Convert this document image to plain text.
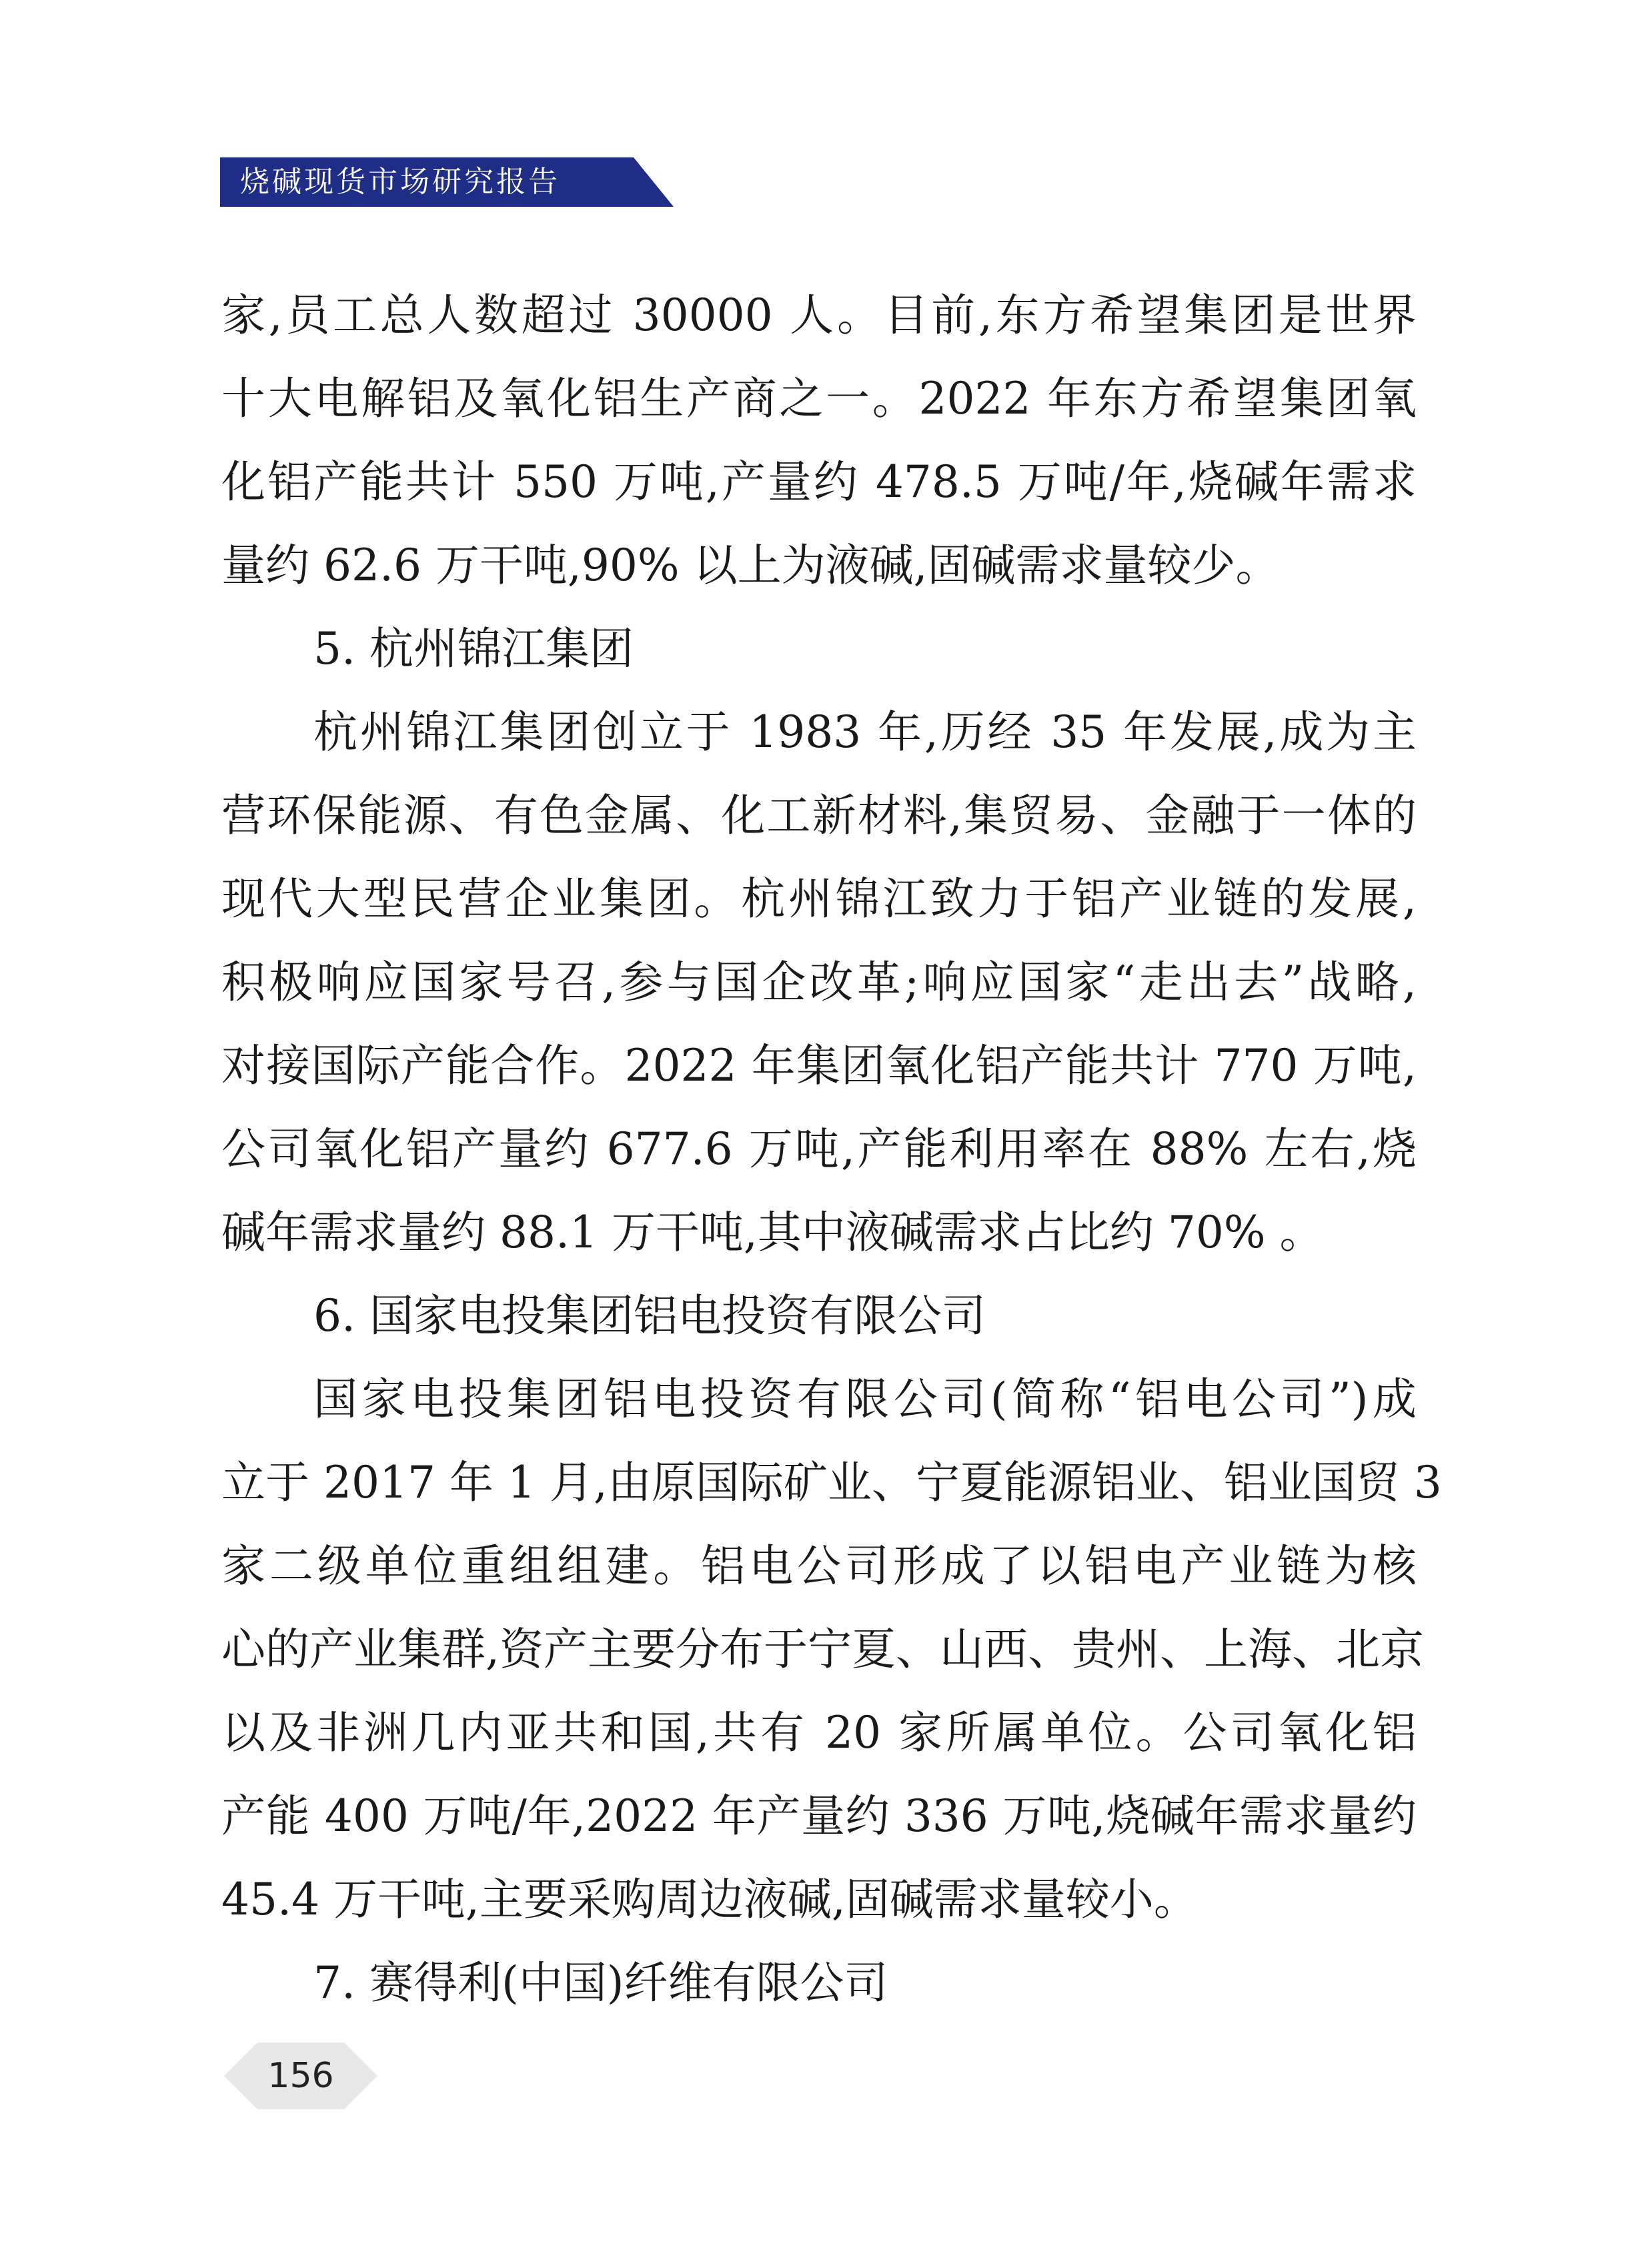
烧碱现货市场研究报告
家,员工总人数超过 30000 人。目前,东方希望集团是世界
十大电解铝及氧化铝生产商之一。2022 年东方希望集团氧
化铝产能共计 550 万吨,产量约 478.5 万吨/年,烧碱年需求
量约 62.6 万干吨,90% 以上为液碱,固碱需求量较少。
5. 杭州锦江集团
杭州锦江集团创立于 1983 年,历经 35 年发展,成为主
营环保能源、有色金属、化工新材料,集贸易、金融于一体的
现代大型民营企业集团。杭州锦江致力于铝产业链的发展,
积极响应国家号召,参与国企改革;响应国家“走出去”战略,
对接国际产能合作。2022 年集团氧化铝产能共计 770 万吨,
公司氧化铝产量约 677.6 万吨,产能利用率在 88% 左右,烧
碱年需求量约 88.1 万干吨,其中液碱需求占比约 70% 。
6. 国家电投集团铝电投资有限公司
国家电投集团铝电投资有限公司(简称“铝电公司”)成
立于 2017 年 1 月,由原国际矿业、宁夏能源铝业、铝业国贸 3
家二级单位重组组建。铝电公司形成了以铝电产业链为核
心的产业集群,资产主要分布于宁夏、山西、贵州、上海、北京
以及非洲几内亚共和国,共有 20 家所属单位。公司氧化铝
产能 400 万吨/年,2022 年产量约 336 万吨,烧碱年需求量约
45.4 万干吨,主要采购周边液碱,固碱需求量较小。
7. 赛得利(中国)纤维有限公司
156
